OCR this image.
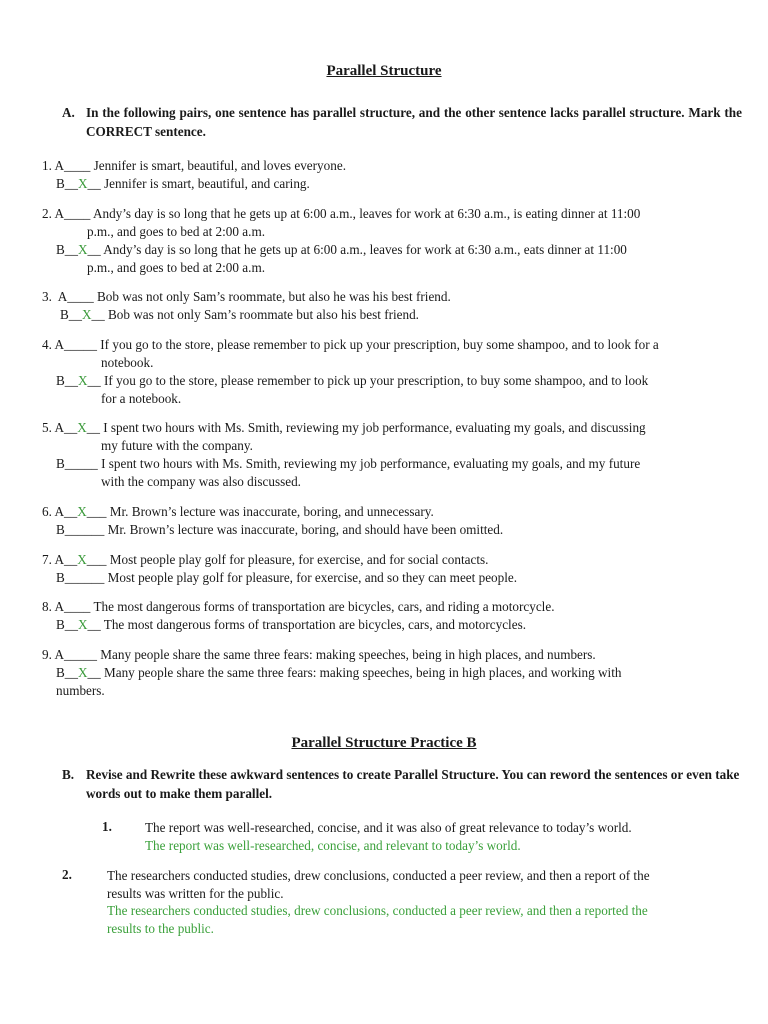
Parallel Structure
A. In the following pairs, one sentence has parallel structure, and the other sentence lacks parallel structure. Mark the CORRECT sentence.
1. A____ Jennifer is smart, beautiful, and loves everyone.
B__X__ Jennifer is smart, beautiful, and caring.
2. A____ Andy’s day is so long that he gets up at 6:00 a.m., leaves for work at 6:30 a.m., is eating dinner at 11:00
p.m., and goes to bed at 2:00 a.m.
B__X__ Andy’s day is so long that he gets up at 6:00 a.m., leaves for work at 6:30 a.m., eats dinner at 11:00
p.m., and goes to bed at 2:00 a.m.
3. A____ Bob was not only Sam’s roommate, but also he was his best friend.
B__X__ Bob was not only Sam’s roommate but also his best friend.
4. A_____ If you go to the store, please remember to pick up your prescription, buy some shampoo, and to look for a
notebook.
B__X__ If you go to the store, please remember to pick up your prescription, to buy some shampoo, and to look
for a notebook.
5. A__X__ I spent two hours with Ms. Smith, reviewing my job performance, evaluating my goals, and discussing
my future with the company.
B_____ I spent two hours with Ms. Smith, reviewing my job performance, evaluating my goals, and my future
with the company was also discussed.
6. A__X___ Mr. Brown’s lecture was inaccurate, boring, and unnecessary.
B______ Mr. Brown’s lecture was inaccurate, boring, and should have been omitted.
7. A__X___ Most people play golf for pleasure, for exercise, and for social contacts.
B______ Most people play golf for pleasure, for exercise, and so they can meet people.
8. A____ The most dangerous forms of transportation are bicycles, cars, and riding a motorcycle.
B__X__ The most dangerous forms of transportation are bicycles, cars, and motorcycles.
9. A_____ Many people share the same three fears: making speeches, being in high places, and numbers.
B__X__ Many people share the same three fears: making speeches, being in high places, and working with
numbers.
Parallel Structure Practice B
B. Revise and Rewrite these awkward sentences to create Parallel Structure. You can reword the sentences or even take words out to make them parallel.
1.	The report was well-researched, concise, and it was also of great relevance to today’s world.
The report was well-researched, concise, and relevant to today’s world.
2.	The researchers conducted studies, drew conclusions, conducted a peer review, and then a report of the
results was written for the public.
The researchers conducted studies, drew conclusions, conducted a peer review, and then a reported the
results to the public.
